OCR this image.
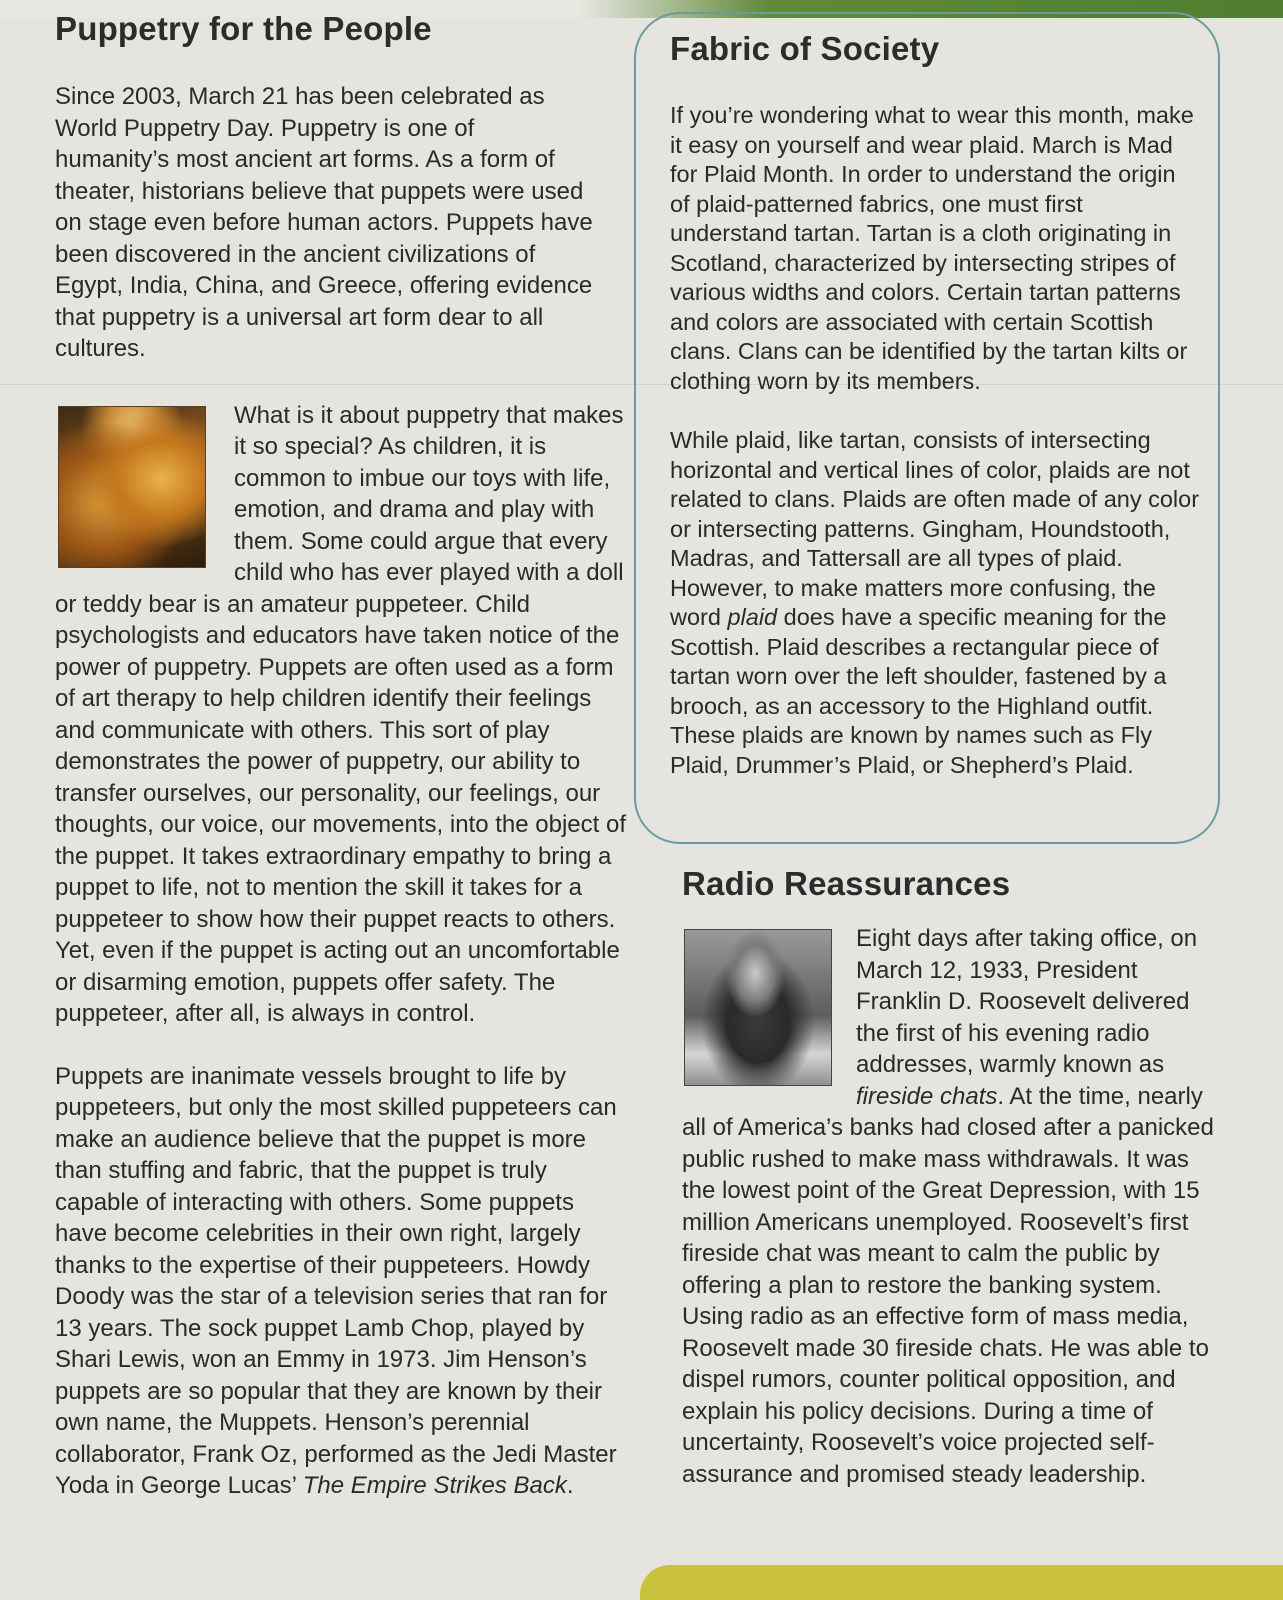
Puppetry for the People

Since 2003, March 21 has been celebrated as World Puppetry Day. Puppetry is one of humanity’s most ancient art forms. As a form of theater, historians believe that puppets were used on stage even before human actors. Puppets have been discovered in the ancient civilizations of Egypt, India, China, and Greece, offering evidence that puppetry is a universal art form dear to all cultures.

What is it about puppetry that makes it so special? As children, it is common to imbue our toys with life, emotion, and drama and play with them. Some could argue that every child who has ever played with a doll or teddy bear is an amateur puppeteer. Child psychologists and educators have taken notice of the power of puppetry. Puppets are often used as a form of art therapy to help children identify their feelings and communicate with others. This sort of play demonstrates the power of puppetry, our ability to transfer ourselves, our personality, our feelings, our thoughts, our voice, our movements, into the object of the puppet. It takes extraordinary empathy to bring a puppet to life, not to mention the skill it takes for a puppeteer to show how their puppet reacts to others. Yet, even if the puppet is acting out an uncomfortable or disarming emotion, puppets offer safety. The puppeteer, after all, is always in control.

Puppets are inanimate vessels brought to life by puppeteers, but only the most skilled puppeteers can make an audience believe that the puppet is more than stuffing and fabric, that the puppet is truly capable of interacting with others. Some puppets have become celebrities in their own right, largely thanks to the expertise of their puppeteers. Howdy Doody was the star of a television series that ran for 13 years. The sock puppet Lamb Chop, played by Shari Lewis, won an Emmy in 1973. Jim Henson’s puppets are so popular that they are known by their own name, the Muppets. Henson’s perennial collaborator, Frank Oz, performed as the Jedi Master Yoda in George Lucas’ The Empire Strikes Back.

Fabric of Society

If you’re wondering what to wear this month, make it easy on yourself and wear plaid. March is Mad for Plaid Month. In order to understand the origin of plaid-patterned fabrics, one must first understand tartan. Tartan is a cloth originating in Scotland, characterized by intersecting stripes of various widths and colors. Certain tartan patterns and colors are associated with certain Scottish clans. Clans can be identified by the tartan kilts or clothing worn by its members.

While plaid, like tartan, consists of intersecting horizontal and vertical lines of color, plaids are not related to clans. Plaids are often made of any color or intersecting patterns. Gingham, Houndstooth, Madras, and Tattersall are all types of plaid. However, to make matters more confusing, the word plaid does have a specific meaning for the Scottish. Plaid describes a rectangular piece of tartan worn over the left shoulder, fastened by a brooch, as an accessory to the Highland outfit. These plaids are known by names such as Fly Plaid, Drummer’s Plaid, or Shepherd’s Plaid.

Radio Reassurances

Eight days after taking office, on March 12, 1933, President Franklin D. Roosevelt delivered the first of his evening radio addresses, warmly known as fireside chats. At the time, nearly all of America’s banks had closed after a panicked public rushed to make mass withdrawals. It was the lowest point of the Great Depression, with 15 million Americans unemployed. Roosevelt’s first fireside chat was meant to calm the public by offering a plan to restore the banking system. Using radio as an effective form of mass media, Roosevelt made 30 fireside chats. He was able to dispel rumors, counter political opposition, and explain his policy decisions. During a time of uncertainty, Roosevelt’s voice projected self-assurance and promised steady leadership.
